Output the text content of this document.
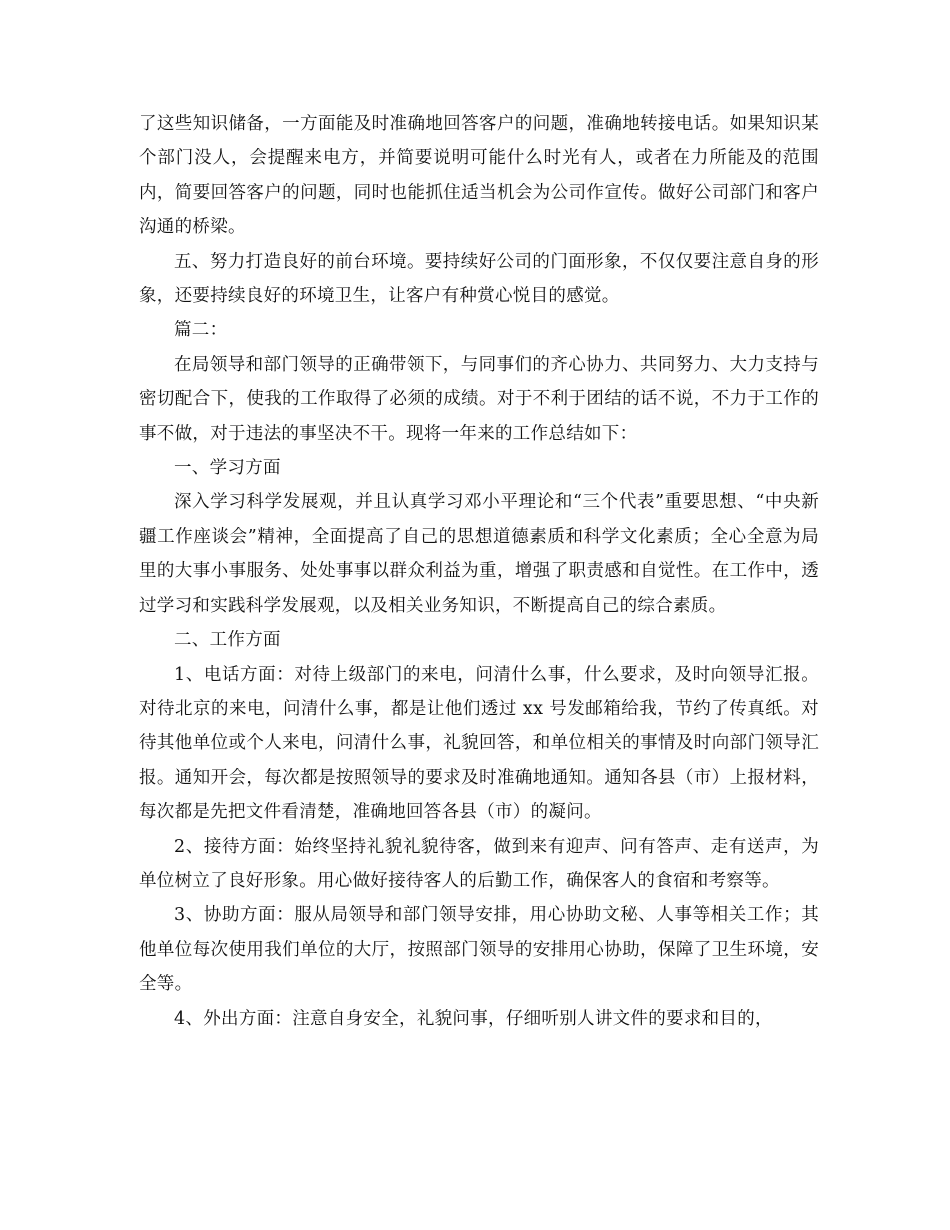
了这些知识储备，一方面能及时准确地回答客户的问题，准确地转接电话。如果知识某个部门没人，会提醒来电方，并简要说明可能什么时光有人，或者在力所能及的范围内，简要回答客户的问题，同时也能抓住适当机会为公司作宣传。做好公司部门和客户沟通的桥梁。

五、努力打造良好的前台环境。要持续好公司的门面形象，不仅仅要注意自身的形象，还要持续良好的环境卫生，让客户有种赏心悦目的感觉。

篇二：

在局领导和部门领导的正确带领下，与同事们的齐心协力、共同努力、大力支持与密切配合下，使我的工作取得了必须的成绩。对于不利于团结的话不说，不力于工作的事不做，对于违法的事坚决不干。现将一年来的工作总结如下：

一、学习方面

深入学习科学发展观，并且认真学习邓小平理论和“三个代表”重要思想、“中央新疆工作座谈会”精神，全面提高了自己的思想道德素质和科学文化素质；全心全意为局里的大事小事服务、处处事事以群众利益为重，增强了职责感和自觉性。在工作中，透过学习和实践科学发展观，以及相关业务知识，不断提高自己的综合素质。

二、工作方面

1、电话方面：对待上级部门的来电，问清什么事，什么要求，及时向领导汇报。对待北京的来电，问清什么事，都是让他们透过 xx 号发邮箱给我，节约了传真纸。对待其他单位或个人来电，问清什么事，礼貌回答，和单位相关的事情及时向部门领导汇报。通知开会，每次都是按照领导的要求及时准确地通知。通知各县（市）上报材料，每次都是先把文件看清楚，准确地回答各县（市）的凝问。

2、接待方面：始终坚持礼貌礼貌待客，做到来有迎声、问有答声、走有送声，为单位树立了良好形象。用心做好接待客人的后勤工作，确保客人的食宿和考察等。

3、协助方面：服从局领导和部门领导安排，用心协助文秘、人事等相关工作；其他单位每次使用我们单位的大厅，按照部门领导的安排用心协助，保障了卫生环境，安全等。

4、外出方面：注意自身安全，礼貌问事，仔细听别人讲文件的要求和目的，
